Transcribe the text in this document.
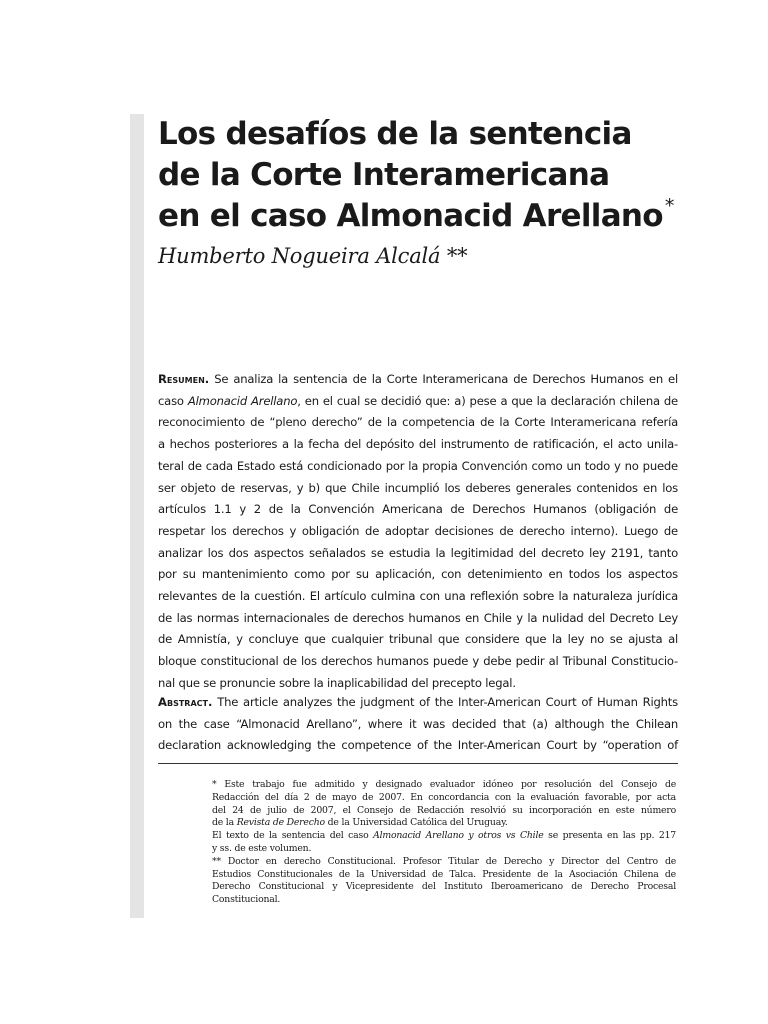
Los desafíos de la sentencia
de la Corte Interamericana
en el caso Almonacid Arellano *
Humberto Nogueira Alcalá **
Resumen. Se analiza la sentencia de la Corte Interamericana de Derechos Humanos en el
caso Almonacid Arellano, en el cual se decidió que: a) pese a que la declaración chilena de
reconocimiento de “pleno derecho” de la competencia de la Corte Interamericana refería
a hechos posteriores a la fecha del depósito del instrumento de ratificación, el acto unila-
teral de cada Estado está condicionado por la propia Convención como un todo y no puede
ser objeto de reservas, y b) que Chile incumplió los deberes generales contenidos en los
artículos 1.1 y 2 de la Convención Americana de Derechos Humanos (obligación de
respetar los derechos y obligación de adoptar decisiones de derecho interno). Luego de
analizar los dos aspectos señalados se estudia la legitimidad del decreto ley 2191, tanto
por su mantenimiento como por su aplicación, con detenimiento en todos los aspectos
relevantes de la cuestión. El artículo culmina con una reflexión sobre la naturaleza jurídica
de las normas internacionales de derechos humanos en Chile y la nulidad del Decreto Ley
de Amnistía, y concluye que cualquier tribunal que considere que la ley no se ajusta al
bloque constitucional de los derechos humanos puede y debe pedir al Tribunal Constitucio-
nal que se pronuncie sobre la inaplicabilidad del precepto legal.
Abstract. The article analyzes the judgment of the Inter-American Court of Human Rights
on the case “Almonacid Arellano”, where it was decided that (a) although the Chilean
declaration acknowledging the competence of the Inter-American Court by “operation of
* Este trabajo fue admitido y designado evaluador idóneo por resolución del Consejo de
Redacción del día 2 de mayo de 2007. En concordancia con la evaluación favorable, por acta
del 24 de julio de 2007, el Consejo de Redacción resolvió su incorporación en este número
de la Revista de Derecho de la Universidad Católica del Uruguay.
El texto de la sentencia del caso Almonacid Arellano y otros vs Chile se presenta en las pp. 217
y ss. de este volumen.
** Doctor en derecho Constitucional. Profesor Titular de Derecho y Director del Centro de
Estudios Constitucionales de la Universidad de Talca. Presidente de la Asociación Chilena de
Derecho Constitucional y Vicepresidente del Instituto Iberoamericano de Derecho Procesal
Constitucional.
